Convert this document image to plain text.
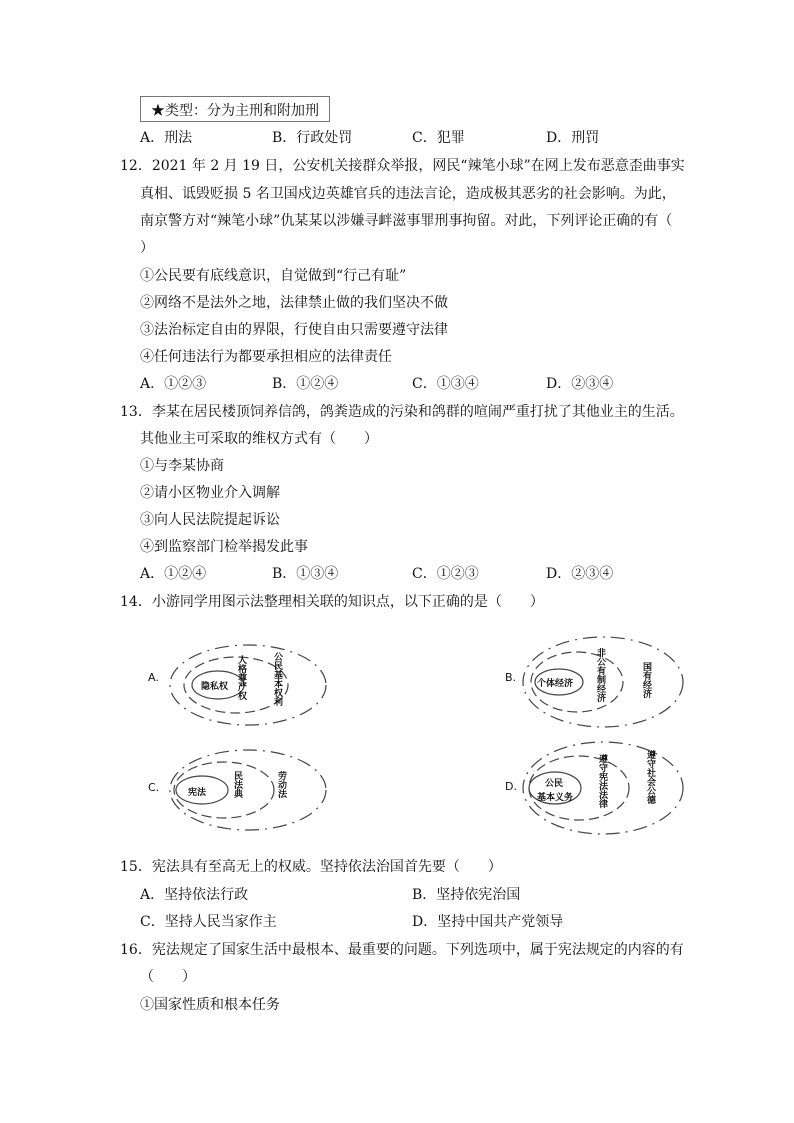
★类型：分为主刑和附加刑
A．刑法	B．行政处罚	C．犯罪	D．刑罚
12．2021 年 2 月 19 日，公安机关接群众举报，网民“辣笔小球”在网上发布恶意歪曲事实
真相、诋毁贬损 5 名卫国戍边英雄官兵的违法言论，造成极其恶劣的社会影响。为此，
南京警方对“辣笔小球”仇某某以涉嫌寻衅滋事罪刑事拘留。对此，下列评论正确的有（
）
①公民要有底线意识，自觉做到“行己有耻”
②网络不是法外之地，法律禁止做的我们坚决不做
③法治标定自由的界限，行使自由只需要遵守法律
④任何违法行为都要承担相应的法律责任
A．①②③	B．①②④	C．①③④	D．②③④
13．李某在居民楼顶饲养信鸽，鸽粪造成的污染和鸽群的喧闹严重打扰了其他业主的生活。
其他业主可采取的维权方式有（　　）
①与李某协商
②请小区物业介入调解
③向人民法院提起诉讼
④到监察部门检举揭发此事
A．①②④	B．①③④	C．①②③	D．②③④
14．小游同学用图示法整理相关联的知识点，以下正确的是（　　）
A.
隐私权 人格尊严权	公民基本权利	B. 个体经济 非公有制经济	国有经济
C.	宪法	民法典	劳动法	D.	公民
基本义务	遵守宪法法律	遵守社会公德
15．宪法具有至高无上的权威。坚持依法治国首先要（　　）
A．坚持依法行政	B．坚持依宪治国
C．坚持人民当家作主	D．坚持中国共产党领导
16．宪法规定了国家生活中最根本、最重要的问题。下列选项中，属于宪法规定的内容的有
（　　）
①国家性质和根本任务
